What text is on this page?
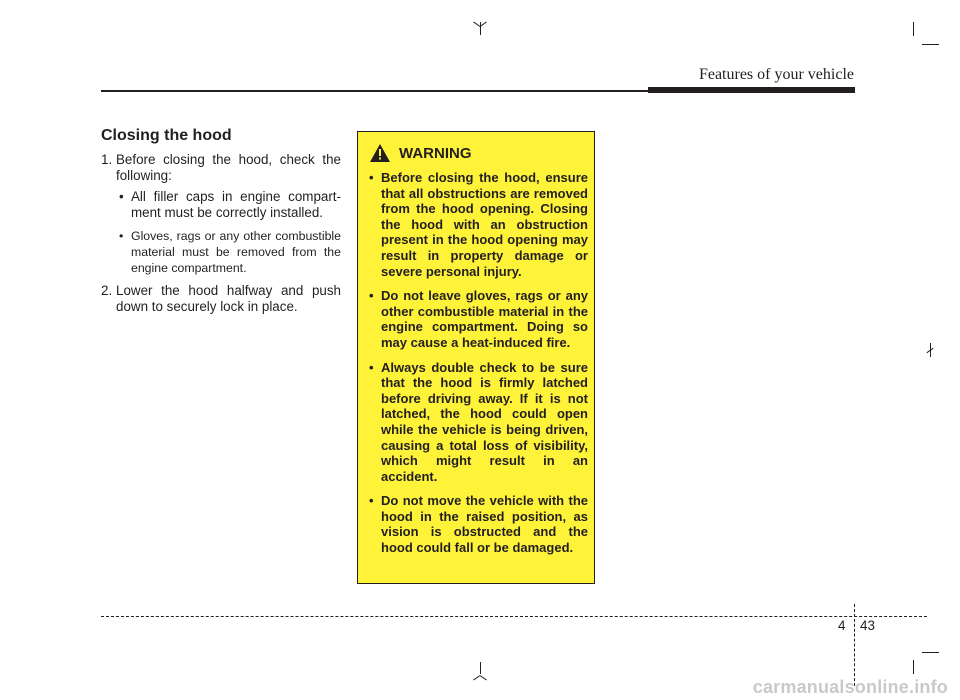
Features of your vehicle
Closing the hood
1. Before closing the hood, check the following:
• All filler caps in engine compartment must be correctly installed.
• Gloves, rags or any other combustible material must be removed from the engine compartment.
2. Lower the hood halfway and push down to securely lock in place.
WARNING
• Before closing the hood, ensure that all obstructions are removed from the hood opening. Closing the hood with an obstruction present in the hood opening may result in property damage or severe personal injury.
• Do not leave gloves, rags or any other combustible material in the engine compartment. Doing so may cause a heat-induced fire.
• Always double check to be sure that the hood is firmly latched before driving away. If it is not latched, the hood could open while the vehicle is being driven, causing a total loss of visibility, which might result in an accident.
• Do not move the vehicle with the hood in the raised position, as vision is obstructed and the hood could fall or be damaged.
4 43
carmanualsonline.info
